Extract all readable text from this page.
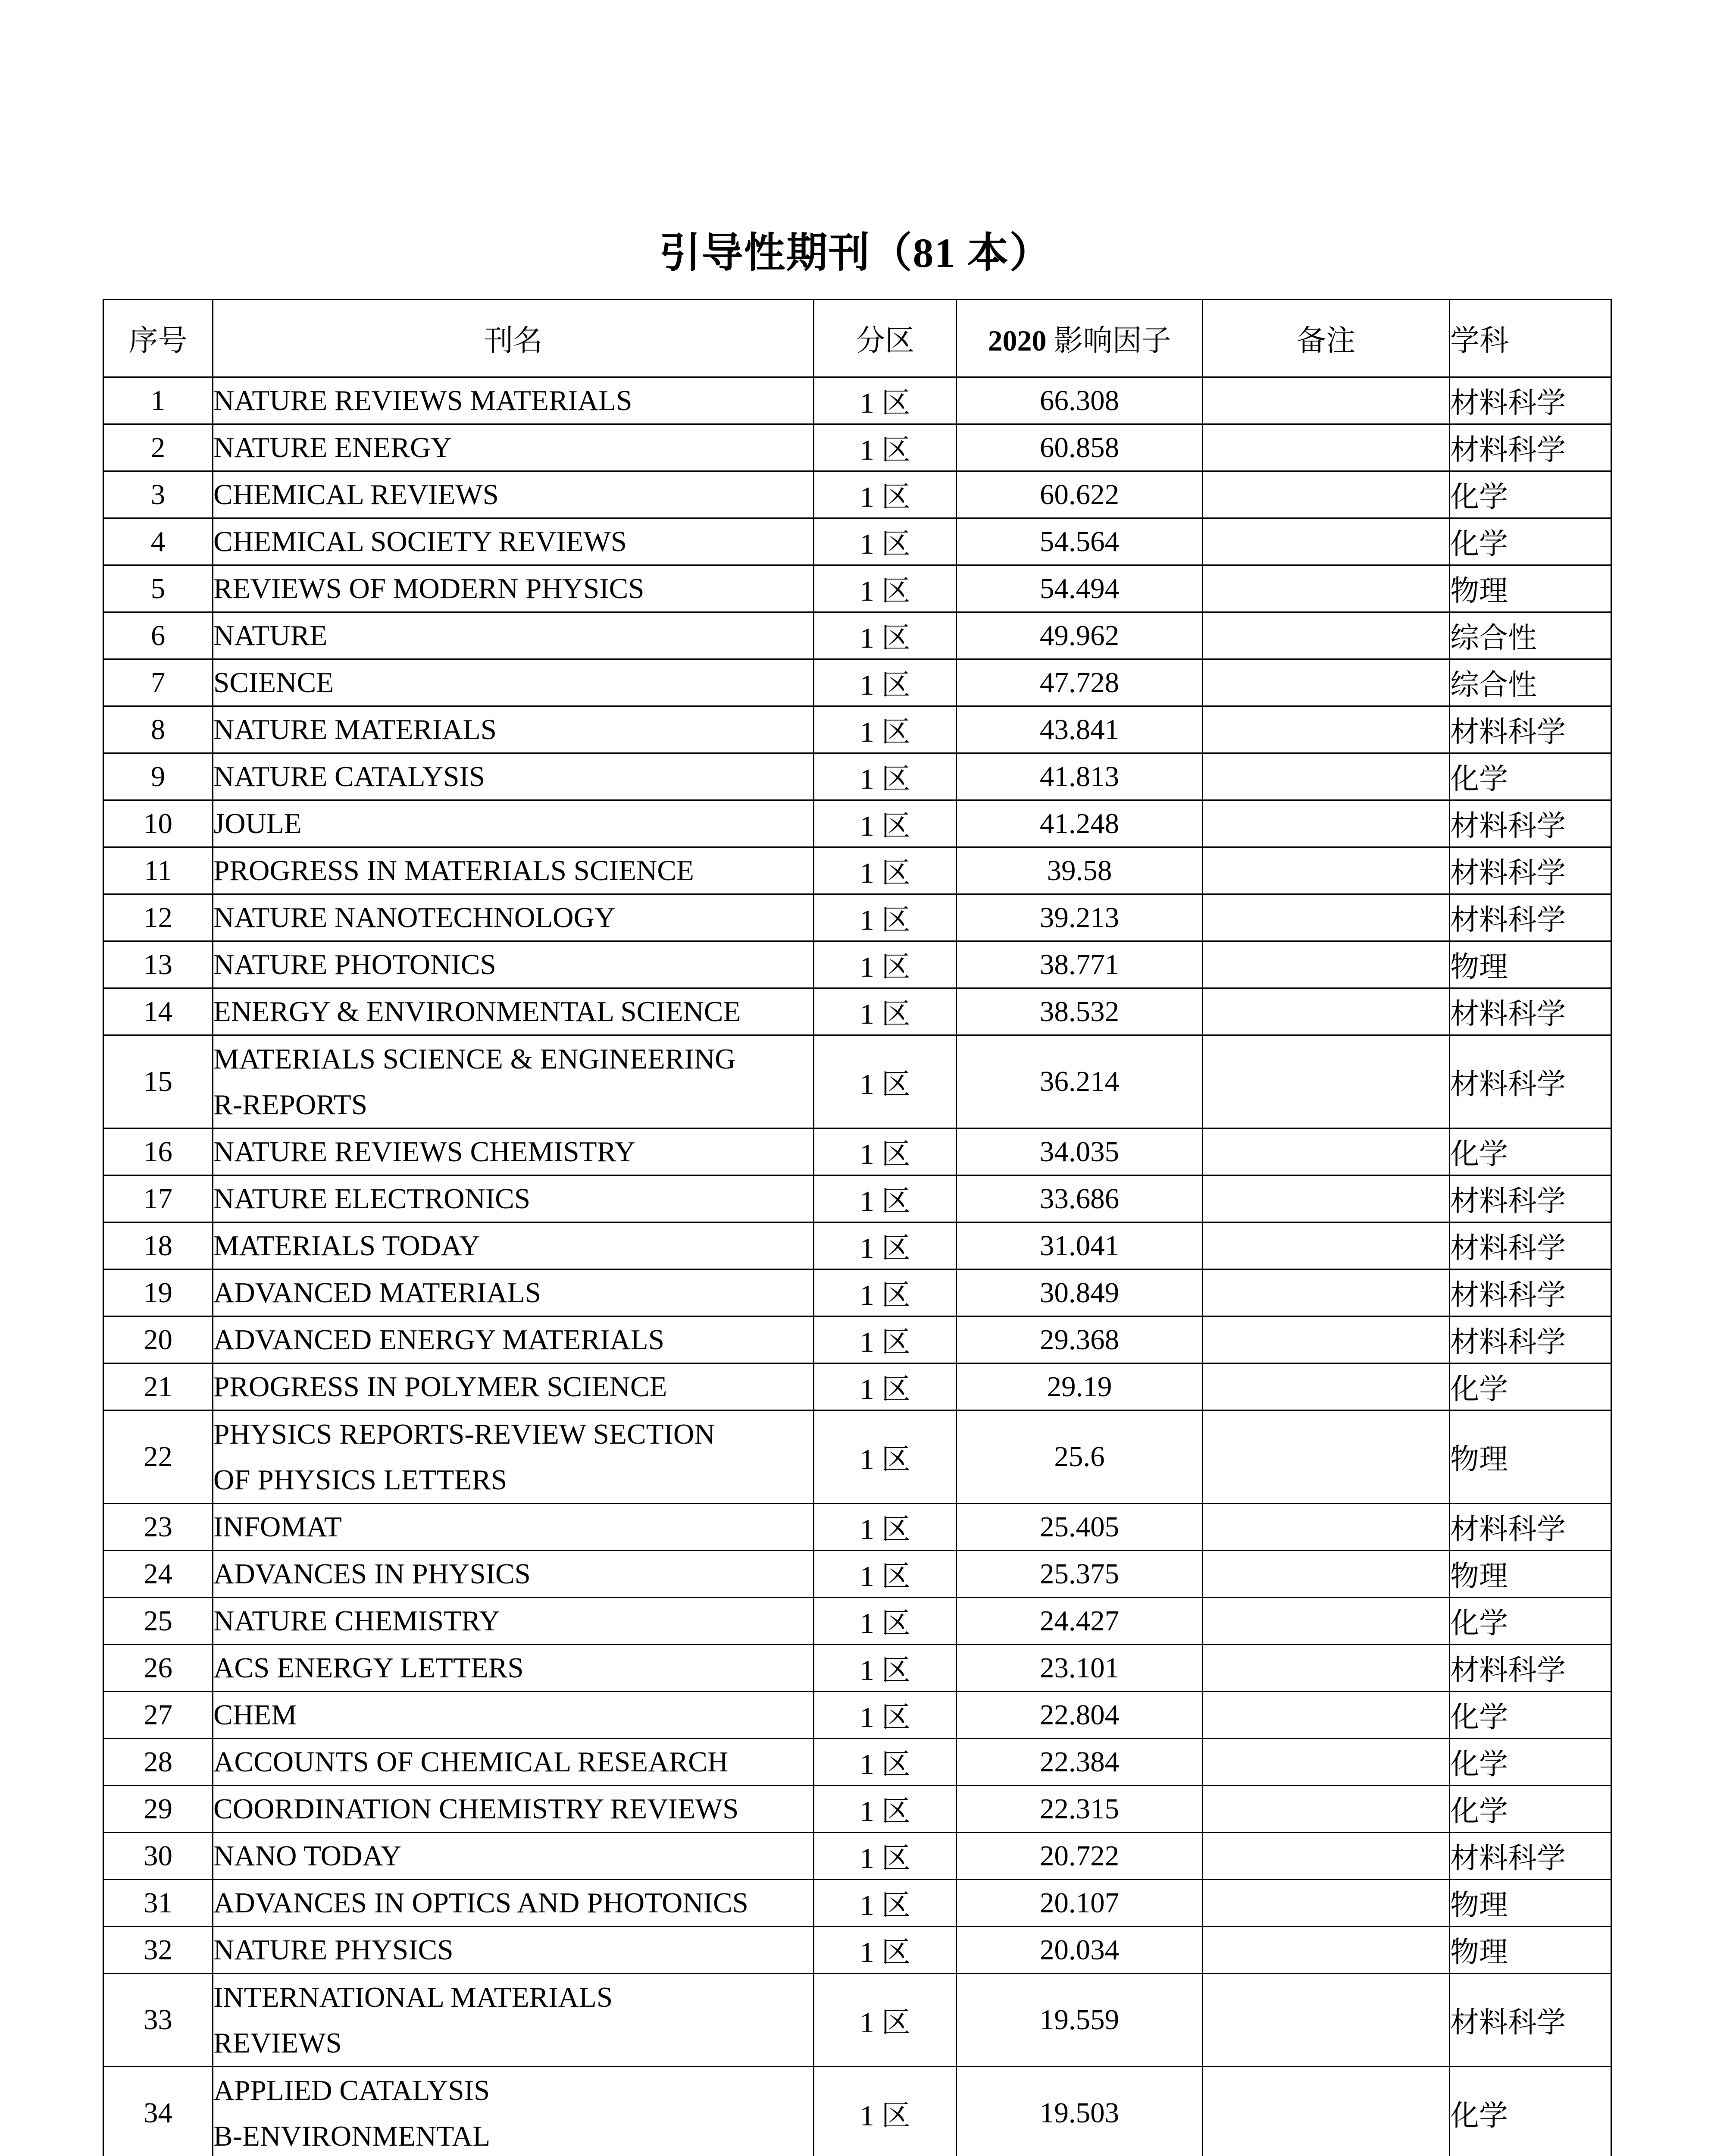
引导性期刊（81 本）
序号	刊名	分区	2020 影响因子	备注	学科
1	NATURE REVIEWS MATERIALS	1 区	66.308		材料科学
2	NATURE ENERGY	1 区	60.858		材料科学
3	CHEMICAL REVIEWS	1 区	60.622		化学
4	CHEMICAL SOCIETY REVIEWS	1 区	54.564		化学
5	REVIEWS OF MODERN PHYSICS	1 区	54.494		物理
6	NATURE	1 区	49.962		综合性
7	SCIENCE	1 区	47.728		综合性
8	NATURE MATERIALS	1 区	43.841		材料科学
9	NATURE CATALYSIS	1 区	41.813		化学
10	JOULE	1 区	41.248		材料科学
11	PROGRESS IN MATERIALS SCIENCE	1 区	39.58		材料科学
12	NATURE NANOTECHNOLOGY	1 区	39.213		材料科学
13	NATURE PHOTONICS	1 区	38.771		物理
14	ENERGY & ENVIRONMENTAL SCIENCE	1 区	38.532		材料科学
15	MATERIALS SCIENCE & ENGINEERING
R-REPORTS	1 区	36.214		材料科学
16	NATURE REVIEWS CHEMISTRY	1 区	34.035		化学
17	NATURE ELECTRONICS	1 区	33.686		材料科学
18	MATERIALS TODAY	1 区	31.041		材料科学
19	ADVANCED MATERIALS	1 区	30.849		材料科学
20	ADVANCED ENERGY MATERIALS	1 区	29.368		材料科学
21	PROGRESS IN POLYMER SCIENCE	1 区	29.19		化学
22	PHYSICS REPORTS-REVIEW SECTION
OF PHYSICS LETTERS	1 区	25.6		物理
23	INFOMAT	1 区	25.405		材料科学
24	ADVANCES IN PHYSICS	1 区	25.375		物理
25	NATURE CHEMISTRY	1 区	24.427		化学
26	ACS ENERGY LETTERS	1 区	23.101		材料科学
27	CHEM	1 区	22.804		化学
28	ACCOUNTS OF CHEMICAL RESEARCH	1 区	22.384		化学
29	COORDINATION CHEMISTRY REVIEWS	1 区	22.315		化学
30	NANO TODAY	1 区	20.722		材料科学
31	ADVANCES IN OPTICS AND PHOTONICS	1 区	20.107		物理
32	NATURE PHYSICS	1 区	20.034		物理
33	INTERNATIONAL MATERIALS
REVIEWS	1 区	19.559		材料科学
34	APPLIED CATALYSIS
B-ENVIRONMENTAL	1 区	19.503		化学
